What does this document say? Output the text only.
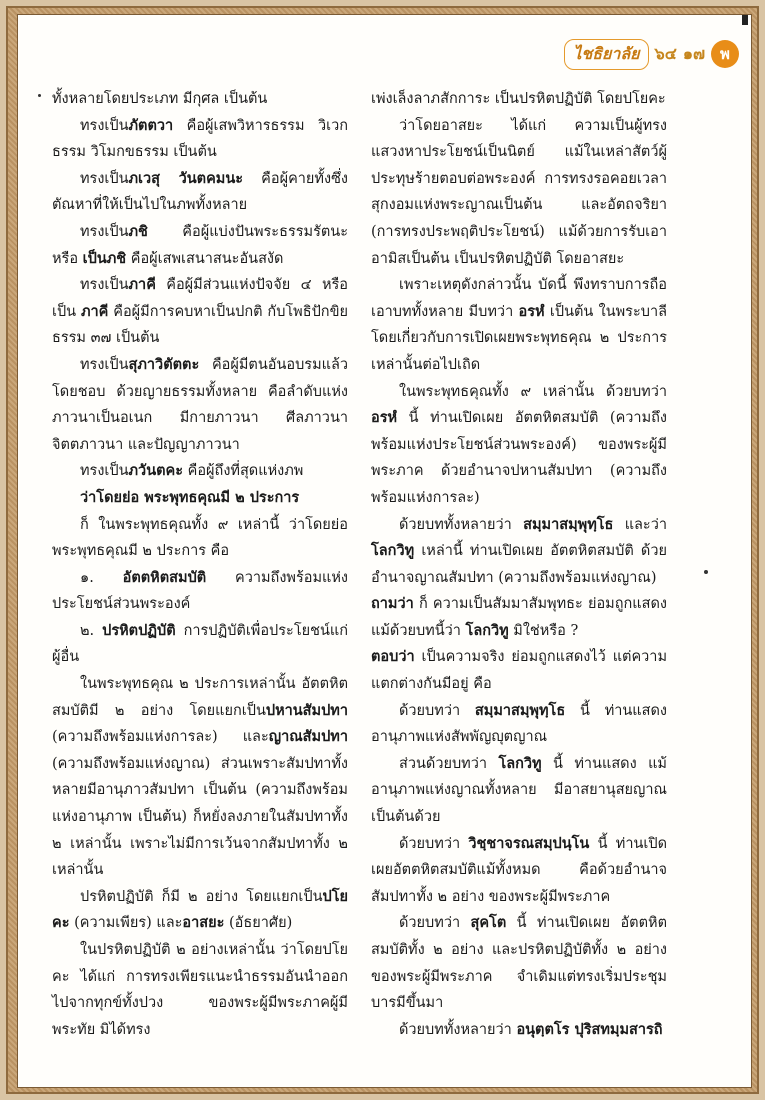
ไชธิยาลัย ๖๔ ๑๗	พ

ทั้งหลายโดยประเภท มีกุศล เป็นต้น

ทรงเป็นภัตตวา คือผู้เสพวิหารธรรม วิเวกธรรม วิโมกขธรรม เป็นต้น

ทรงเป็นภเวสุ วันตคมนะ คือผู้คายทั้งซึ่งตัณหาที่ให้เป็นไปในภพทั้งหลาย

ทรงเป็นภชิ คือผู้แบ่งปันพระธรรมรัตนะ หรือ เป็นภชิ คือผู้เสพเสนาสนะอันสงัด

ทรงเป็นภาคี คือผู้มีส่วนแห่งปัจจัย ๔ หรือเป็น ภาคี คือผู้มีการคบหาเป็นปกติ กับโพธิปักขิยธรรม ๓๗ เป็นต้น

ทรงเป็นสุภาวิตัตตะ คือผู้มีตนอันอบรมแล้วโดยชอบ ด้วยญายธรรมทั้งหลาย คือลำดับแห่งภาวนาเป็นอเนก มีกายภาวนา ศีลภาวนา จิตตภาวนา และปัญญาภาวนา

ทรงเป็นภวันตคะ คือผู้ถึงที่สุดแห่งภพ

ว่าโดยย่อ พระพุทธคุณมี ๒ ประการ

ก็ ในพระพุทธคุณทั้ง ๙ เหล่านี้ ว่าโดยย่อ พระพุทธคุณมี ๒ ประการ คือ

๑. อัตตหิตสมบัติ ความถึงพร้อมแห่งประโยชน์ส่วนพระองค์

๒. ปรหิตปฏิบัติ การปฏิบัติเพื่อประโยชน์แก่ผู้อื่น

ในพระพุทธคุณ ๒ ประการเหล่านั้น อัตตหิตสมบัติมี ๒ อย่าง โดยแยกเป็นปหานสัมปทา (ความถึงพร้อมแห่งการละ) และญาณสัมปทา (ความถึงพร้อมแห่งญาณ) ส่วนเพราะสัมปทาทั้งหลายมีอานุภาวสัมปทา เป็นต้น (ความถึงพร้อมแห่งอานุภาพ เป็นต้น) ก็หยั่งลงภายในสัมปทาทั้ง ๒ เหล่านั้น เพราะไม่มีการเว้นจากสัมปทาทั้ง ๒ เหล่านั้น

ปรหิตปฏิบัติ ก็มี ๒ อย่าง โดยแยกเป็นปโยคะ (ความเพียร) และอาสยะ (อัธยาศัย)

ในปรหิตปฏิบัติ ๒ อย่างเหล่านั้น ว่าโดยปโยคะ ได้แก่ การทรงเพียรแนะนำธรรมอันนำออกไปจากทุกข์ทั้งปวง ของพระผู้มีพระภาคผู้มีพระทัย มิได้ทรง

เพ่งเล็งลาภสักการะ เป็นปรหิตปฏิบัติ โดยปโยคะ

ว่าโดยอาสยะ ได้แก่ ความเป็นผู้ทรงแสวงหาประโยชน์เป็นนิตย์ แม้ในเหล่าสัตว์ผู้ประทุษร้ายตอบต่อพระองค์ การทรงรอคอยเวลาสุกงอมแห่งพระญาณเป็นต้น และอัตถจริยา (การทรงประพฤติประโยชน์) แม้ด้วยการรับเอาอามิสเป็นต้น เป็นปรหิตปฏิบัติ โดยอาสยะ

เพราะเหตุดังกล่าวนั้น บัดนี้ พึงทราบการถือเอาบททั้งหลาย มีบทว่า อรหํ เป็นต้น ในพระบาลีโดยเกี่ยวกับการเปิดเผยพระพุทธคุณ ๒ ประการเหล่านั้นต่อไปเถิด

ในพระพุทธคุณทั้ง ๙ เหล่านั้น ด้วยบทว่า อรหํ นี้ ท่านเปิดเผย อัตตหิตสมบัติ (ความถึงพร้อมแห่งประโยชน์ส่วนพระองค์) ของพระผู้มีพระภาค ด้วยอำนาจปหานสัมปทา (ความถึงพร้อมแห่งการละ)

ด้วยบททั้งหลายว่า สมฺมาสมฺพุทฺโธ และว่า โลกวิทู เหล่านี้ ท่านเปิดเผย อัตตหิตสมบัติ ด้วยอำนาจญาณสัมปทา (ความถึงพร้อมแห่งญาณ)

ถามว่า ก็ ความเป็นสัมมาสัมพุทธะ ย่อมถูกแสดงแม้ด้วยบทนี้ว่า โลกวิทู มิใช่หรือ ?

ตอบว่า เป็นความจริง ย่อมถูกแสดงไว้ แต่ความแตกต่างกันมีอยู่ คือ

ด้วยบทว่า สมฺมาสมฺพุทฺโธ นี้ ท่านแสดงอานุภาพแห่งสัพพัญญุตญาณ

ส่วนด้วยบทว่า โลกวิทู นี้ ท่านแสดง แม้อานุภาพแห่งญาณทั้งหลาย มีอาสยานุสยญาณเป็นต้นด้วย

ด้วยบทว่า วิชฺชาจรณสมฺปนฺโน นี้ ท่านเปิดเผยอัตตหิตสมบัติแม้ทั้งหมด คือด้วยอำนาจสัมปทาทั้ง ๒ อย่าง ของพระผู้มีพระภาค

ด้วยบทว่า สุคโต นี้ ท่านเปิดเผย อัตตหิตสมบัติทั้ง ๒ อย่าง และปรหิตปฏิบัติทั้ง ๒ อย่าง ของพระผู้มีพระภาค จำเดิมแต่ทรงเริ่มประชุม บารมีขึ้นมา

ด้วยบททั้งหลายว่า อนุตฺตโร ปุริสทมฺมสารถิ
